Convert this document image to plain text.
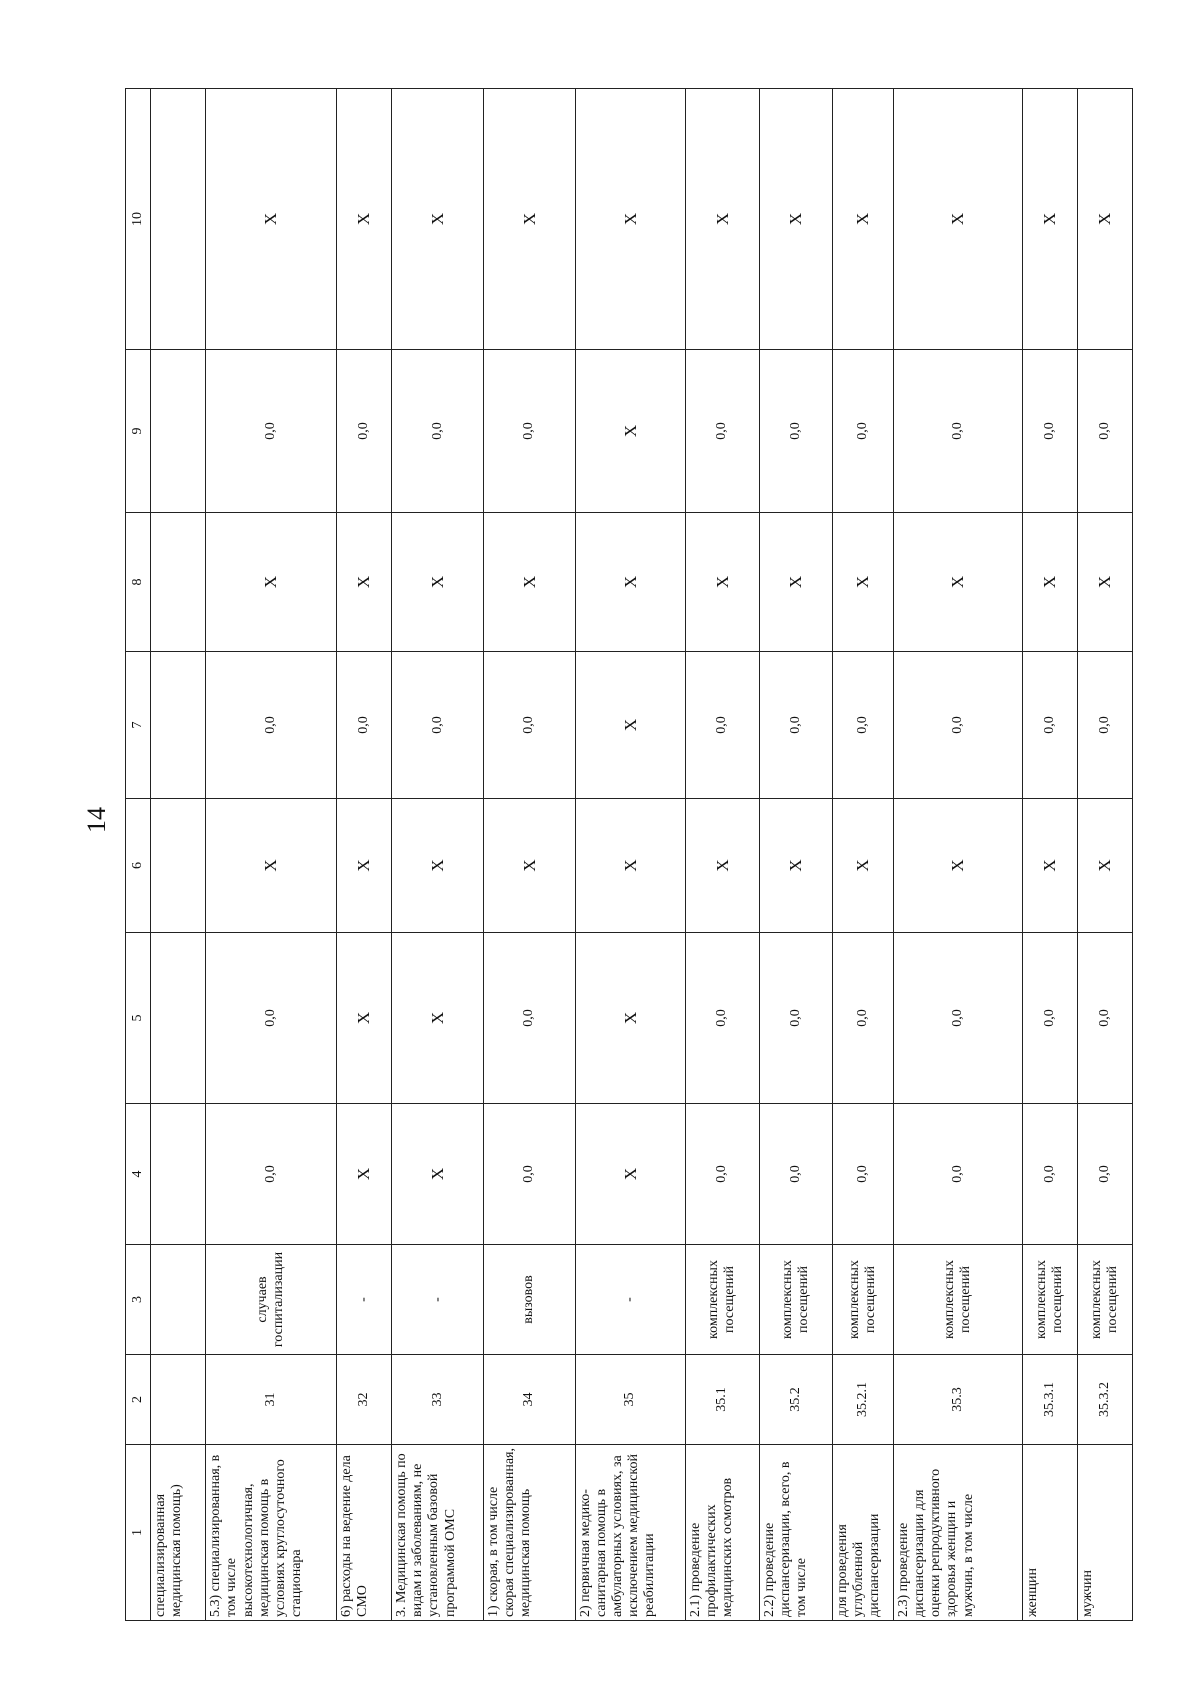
14
1	2	3	4	5	6	7	8	9	10
специализированная медицинская помощь)									
5.3) специализированная, в том числе высокотехнологичная, медицинская помощь в условиях круглосуточного стационара	31	случаев госпитализации	0,0	0,0	Х	0,0	Х	0,0	Х
6) расходы на ведение дела СМО	32	-	Х	Х	Х	0,0	Х	0,0	Х
3. Медицинская помощь по видам и заболеваниям, не установленным базовой программой ОМС	33	-	Х	Х	Х	0,0	Х	0,0	Х
1) скорая, в том числе скорая специализированная, медицинская помощь	34	вызовов	0,0	0,0	Х	0,0	Х	0,0	Х
2) первичная медико-санитарная помощь в амбулаторных условиях, за исключением медицинской реабилитации	35	-	Х	Х	Х	Х	Х	Х	Х
2.1) проведение профилактических медицинских осмотров	35.1	комплексных посещений	0,0	0,0	Х	0,0	Х	0,0	Х
2.2) проведение диспансеризации, всего, в том числе	35.2	комплексных посещений	0,0	0,0	Х	0,0	Х	0,0	Х
для проведения углубленной диспансеризации	35.2.1	комплексных посещений	0,0	0,0	Х	0,0	Х	0,0	Х
2.3) проведение диспансеризации для оценки репродуктивного здоровья женщин и мужчин, в том числе	35.3	комплексных посещений	0,0	0,0	Х	0,0	Х	0,0	Х
женщин	35.3.1	комплексных посещений	0,0	0,0	Х	0,0	Х	0,0	Х
мужчин	35.3.2	комплексных посещений	0,0	0,0	Х	0,0	Х	0,0	Х
